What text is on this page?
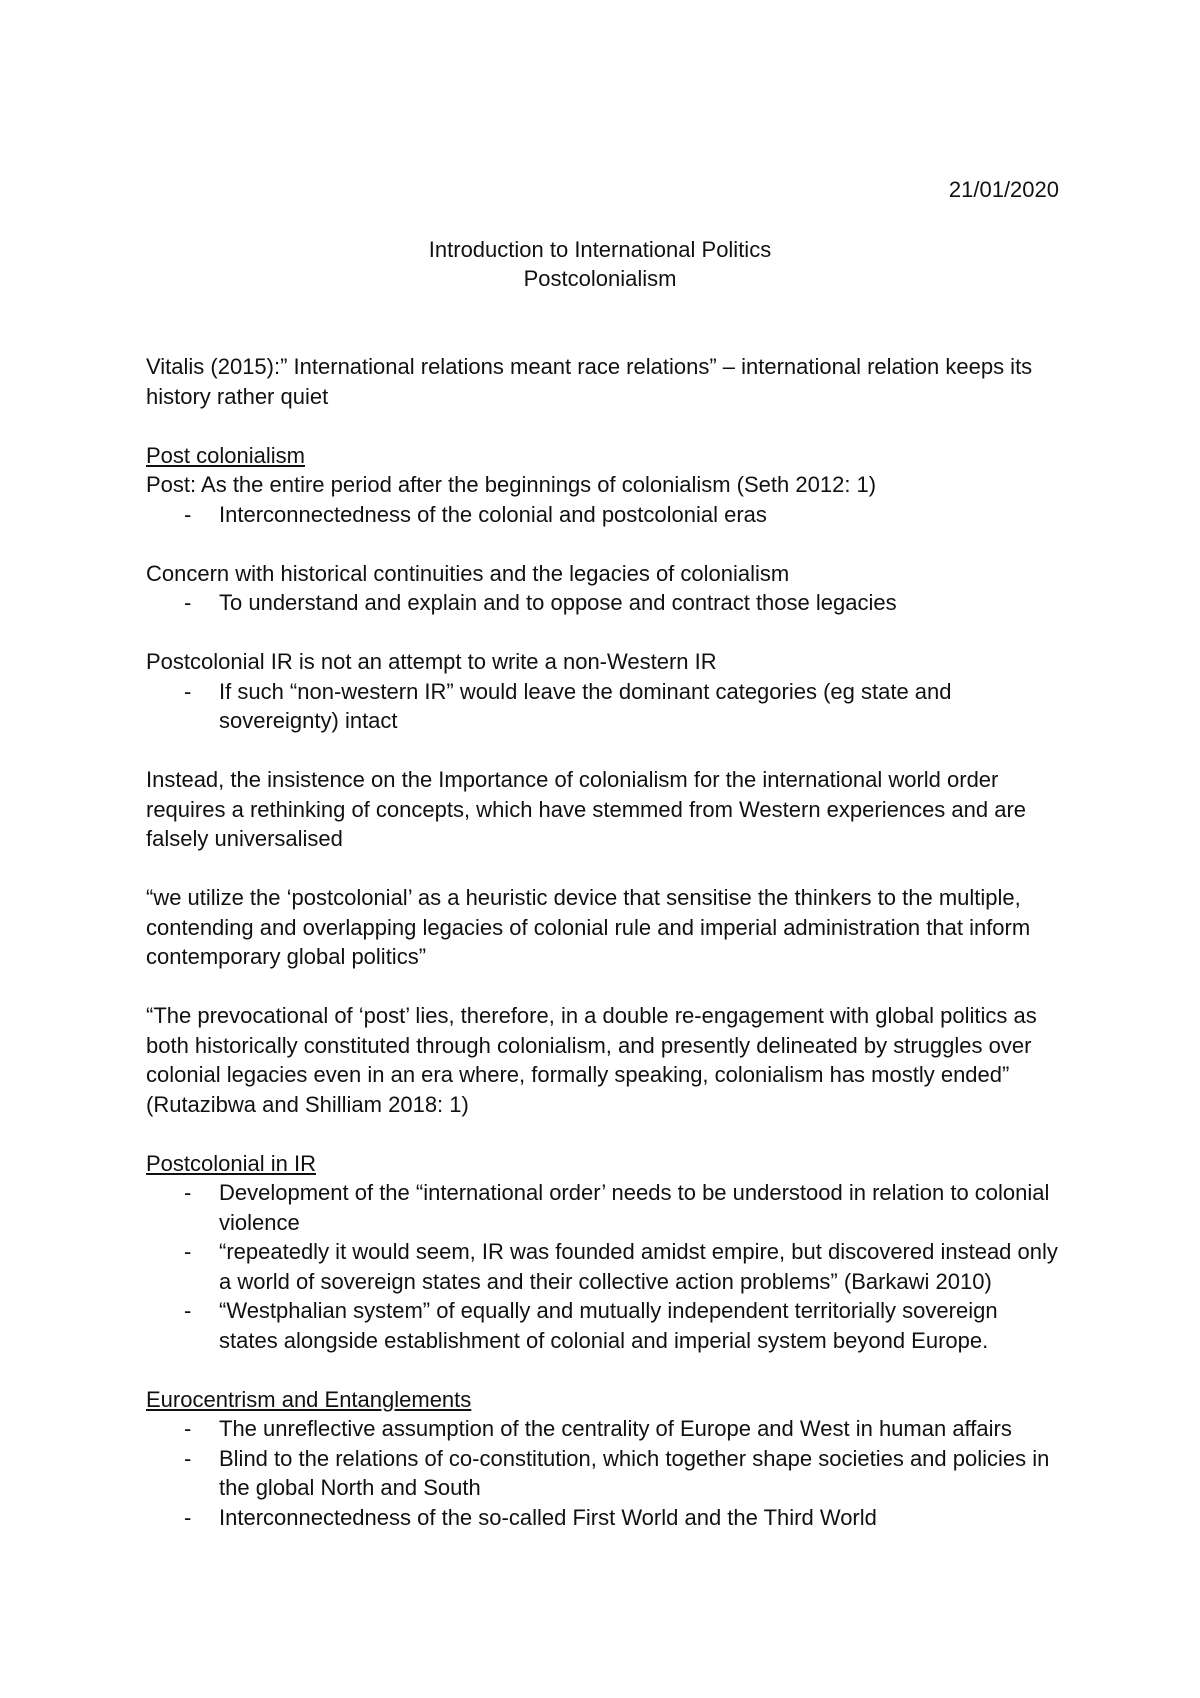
21/01/2020
Introduction to International Politics
Postcolonialism

Vitalis (2015):” International relations meant race relations” – international relation keeps its history rather quiet

Post colonialism

Post: As the entire period after the beginnings of colonialism (Seth 2012: 1)

- Interconnectedness of the colonial and postcolonial eras

Concern with historical continuities and the legacies of colonialism

- To understand and explain and to oppose and contract those legacies

Postcolonial IR is not an attempt to write a non-Western IR

- If such “non-western IR” would leave the dominant categories (eg state and sovereignty) intact

Instead, the insistence on the Importance of colonialism for the international world order requires a rethinking of concepts, which have stemmed from Western experiences and are falsely universalised

“we utilize the ‘postcolonial’ as a heuristic device that sensitise the thinkers to the multiple, contending and overlapping legacies of colonial rule and imperial administration that inform contemporary global politics”

“The prevocational of ‘post’ lies, therefore, in a double re-engagement with global politics as both historically constituted through colonialism, and presently delineated by struggles over colonial legacies even in an era where, formally speaking, colonialism has mostly ended” (Rutazibwa and Shilliam 2018: 1)

Postcolonial in IR

- Development of the “international order’ needs to be understood in relation to colonial violence
- “repeatedly it would seem, IR was founded amidst empire, but discovered instead only a world of sovereign states and their collective action problems” (Barkawi 2010)
- “Westphalian system” of equally and mutually independent territorially sovereign states alongside establishment of colonial and imperial system beyond Europe.

Eurocentrism and Entanglements

- The unreflective assumption of the centrality of Europe and West in human affairs
- Blind to the relations of co-constitution, which together shape societies and policies in the global North and South
- Interconnectedness of the so-called First World and the Third World
